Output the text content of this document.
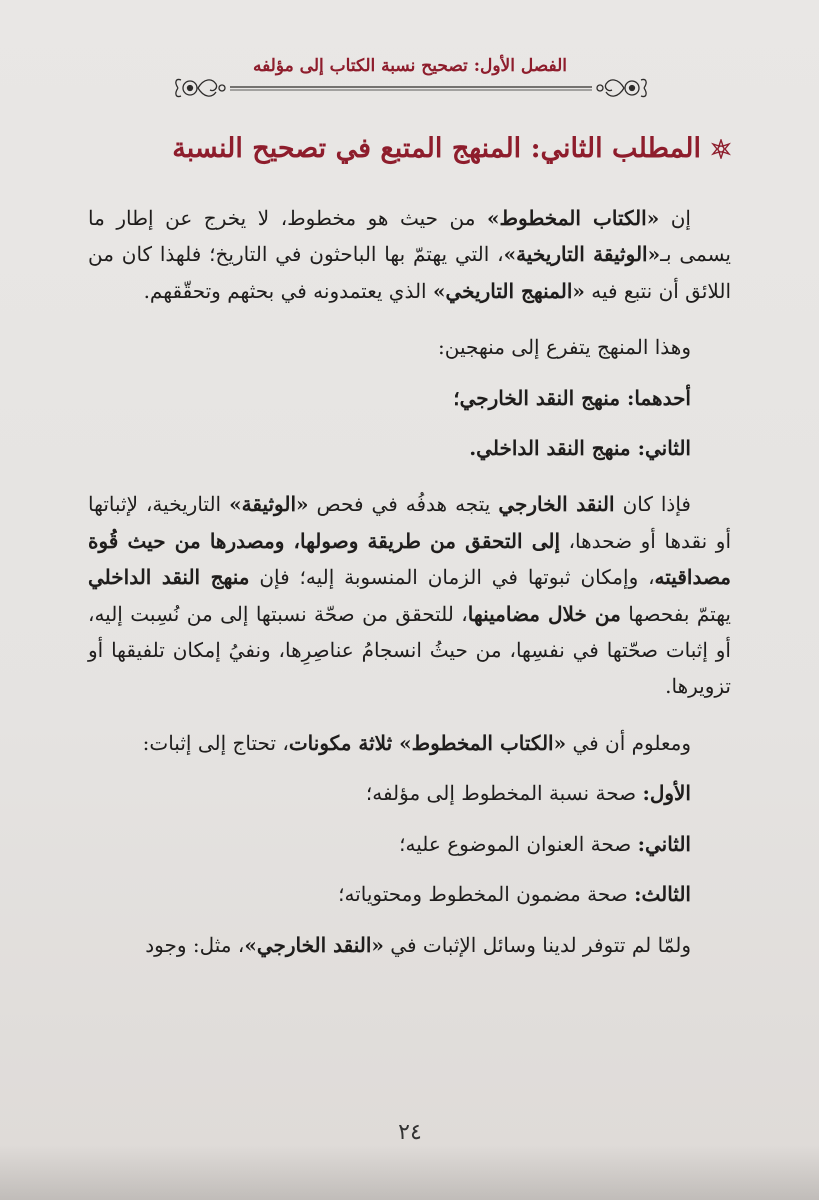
الفصل الأول: تصحيح نسبة الكتاب إلى مؤلفه
المطلب الثاني: المنهج المتبع في تصحيح النسبة

إن «الكتاب المخطوط» من حيث هو مخطوط، لا يخرج عن إطار ما يسمى بـ«الوثيقة التاريخية»، التي يهتمّ بها الباحثون في التاريخ؛ فلهذا كان من اللائق أن نتبع فيه «المنهج التاريخي» الذي يعتمدونه في بحثهم وتحقّقهم.

وهذا المنهج يتفرع إلى منهجين:

أحدهما: منهج النقد الخارجي؛

الثاني: منهج النقد الداخلي.

فإذا كان النقد الخارجي يتجه هدفُه في فحص «الوثيقة» التاريخية، لإثباتها أو نقدها أو ضحدها، إلى التحقق من طريقة وصولها، ومصدرها من حيث قُوة مصداقيته، وإمكان ثبوتها في الزمان المنسوبة إليه؛ فإن منهج النقد الداخلي يهتمّ بفحصها من خلال مضامينها، للتحقق من صحّة نسبتها إلى من نُسِبت إليه، أو إثبات صحّتها في نفسِها، من حيثُ انسجامُ عناصِرِها، ونفيُ إمكان تلفيقها أو تزويرها.

ومعلوم أن في «الكتاب المخطوط» ثلاثة مكونات، تحتاج إلى إثبات:

الأول: صحة نسبة المخطوط إلى مؤلفه؛

الثاني: صحة العنوان الموضوع عليه؛

الثالث: صحة مضمون المخطوط ومحتوياته؛

ولمّا لم تتوفر لدينا وسائل الإثبات في «النقد الخارجي»، مثل: وجود

٢٤
